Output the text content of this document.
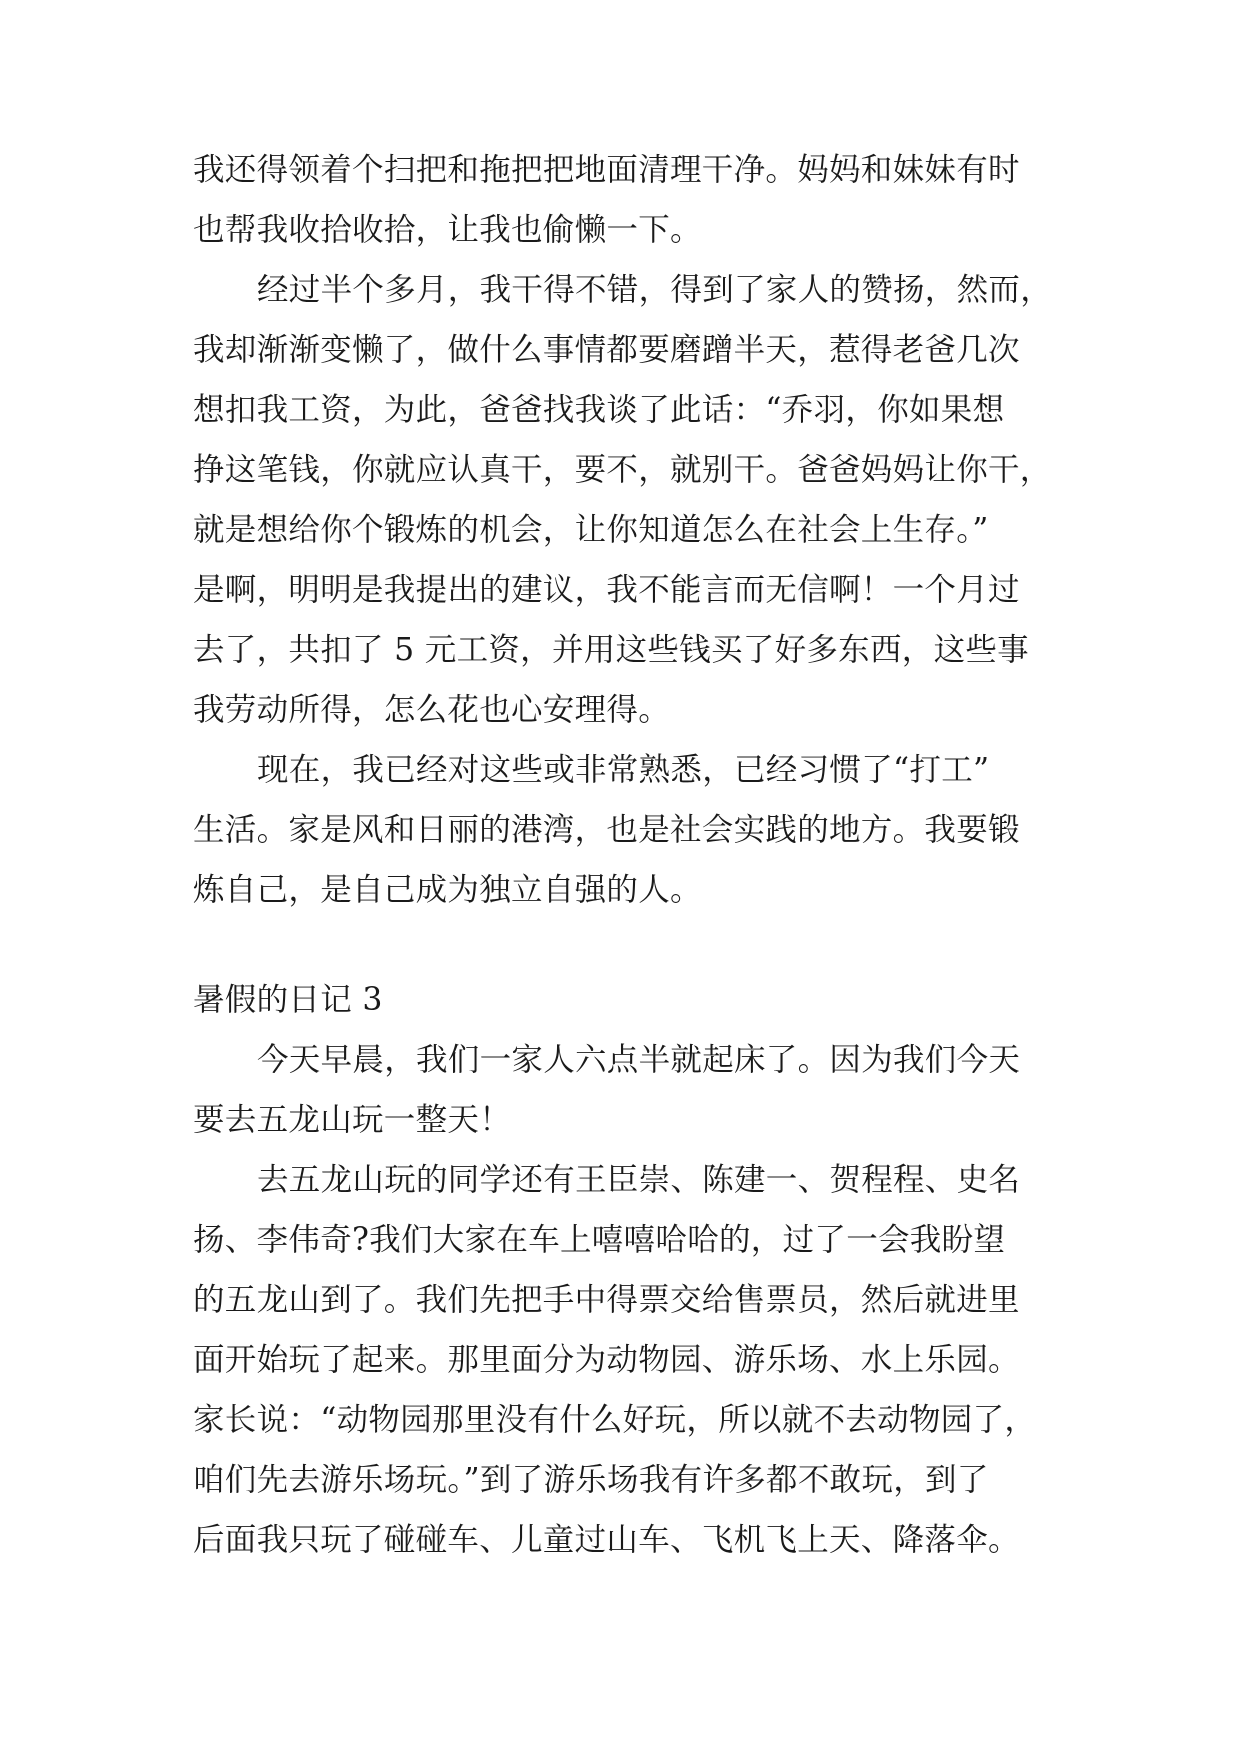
我还得领着个扫把和拖把把地面清理干净。妈妈和妹妹有时
也帮我收拾收拾，让我也偷懒一下。
经过半个多月，我干得不错，得到了家人的赞扬，然而，
我却渐渐变懒了，做什么事情都要磨蹭半天，惹得老爸几次
想扣我工资，为此，爸爸找我谈了此话：“乔羽，你如果想
挣这笔钱，你就应认真干，要不，就别干。爸爸妈妈让你干，
就是想给你个锻炼的机会，让你知道怎么在社会上生存。”
是啊，明明是我提出的建议，我不能言而无信啊！一个月过
去了，共扣了 5 元工资，并用这些钱买了好多东西，这些事
我劳动所得，怎么花也心安理得。
现在，我已经对这些或非常熟悉，已经习惯了“打工”
生活。家是风和日丽的港湾，也是社会实践的地方。我要锻
炼自己，是自己成为独立自强的人。
暑假的日记 3
今天早晨，我们一家人六点半就起床了。因为我们今天
要去五龙山玩一整天！
去五龙山玩的同学还有王臣崇、陈建一、贺程程、史名
扬、李伟奇?我们大家在车上嘻嘻哈哈的，过了一会我盼望
的五龙山到了。我们先把手中得票交给售票员，然后就进里
面开始玩了起来。那里面分为动物园、游乐场、水上乐园。
家长说：“动物园那里没有什么好玩，所以就不去动物园了，
咱们先去游乐场玩。”到了游乐场我有许多都不敢玩，到了
后面我只玩了碰碰车、儿童过山车、飞机飞上天、降落伞。
